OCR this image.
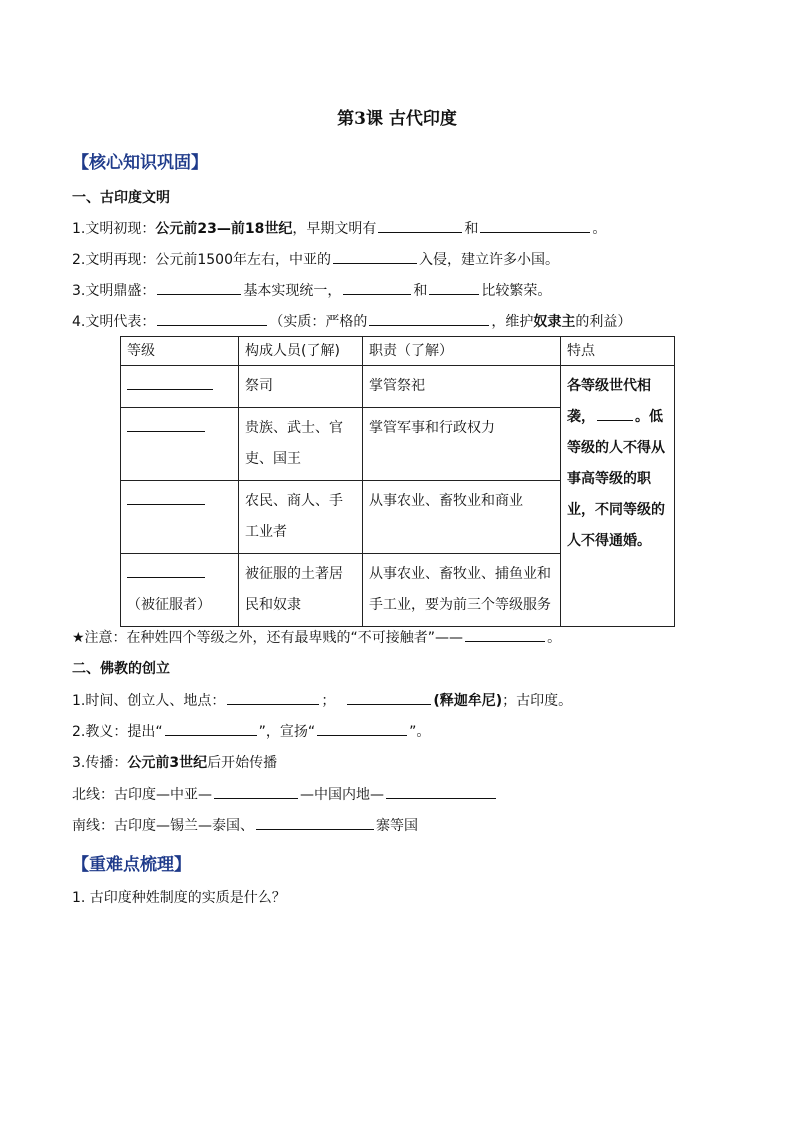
第3课 古代印度
【核心知识巩固】
一、古印度文明
1.文明初现：公元前23—前18世纪，早期文明有	和	。
2.文明再现：公元前1500年左右，中亚的	入侵，建立许多小国。
3.文明鼎盛：	基本实现统一，	和	比较繁荣。
4.文明代表：	（实质：严格的	，维护奴隶主的利益）
等级	构成人员(了解)	职责（了解）	特点
	祭司	掌管祭祀	各等级世代相袭， 。低等级的人不得从事高等级的职业，不同等级的人不得通婚。
	贵族、武士、官吏、国王	掌管军事和行政权力	
	农民、商人、手工业者	从事农业、畜牧业和商业	

（被征服者）	被征服的土著居民和奴隶	从事农业、畜牧业、捕鱼业和手工业，要为前三个等级服务	
★注意：在种姓四个等级之外，还有最卑贱的“不可接触者”——	。
二、佛教的创立
1.时间、创立人、地点：	；	(释迦牟尼)；古印度。
2.教义：提出“	”，宣扬“	”。
3.传播：公元前3世纪后开始传播
北线：古印度—中亚—	—中国内地—
南线：古印度—锡兰—泰国、	寨等国
【重难点梳理】
1. 古印度种姓制度的实质是什么？
